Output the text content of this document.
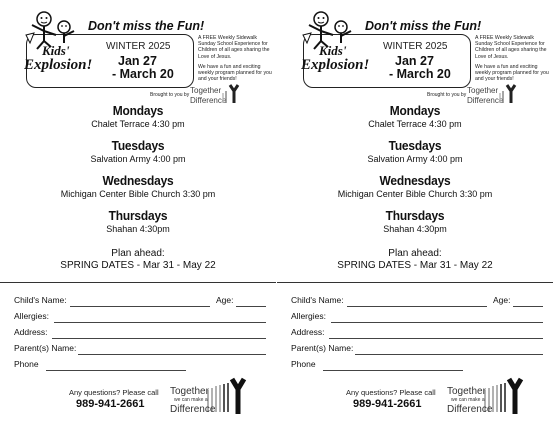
Don't miss the Fun!
Kids'
Explosion!
WINTER 2025
Jan 27
- March 20

A FREE Weekly Sidewalk Sunday School Experience for Children of all ages sharing the Love of Jesus.

We have a fun and exciting weekly program planned for you and your friends!

Brought to you by Together
Difference
Mondays
Chalet Terrace 4:30 pm
Tuesdays
Salvation Army 4:00 pm
Wednesdays
Michigan Center Bible Church 3:30 pm
Thursdays
Shahan 4:30pm
Plan ahead:
SPRING DATES - Mar 31 - May 22
Child's Name:	Age:
Allergies:
Address:
Parent(s) Name:
Phone
Any questions? Please call
989-941-2661
Together
we can make a
Difference
Don't miss the Fun!
Kids'
Explosion!
WINTER 2025
Jan 27
- March 20

A FREE Weekly Sidewalk Sunday School Experience for Children of all ages sharing the Love of Jesus.

We have a fun and exciting weekly program planned for you and your friends!

Brought to you by Together
Difference
Mondays
Chalet Terrace 4:30 pm
Tuesdays
Salvation Army 4:00 pm
Wednesdays
Michigan Center Bible Church 3:30 pm
Thursdays
Shahan 4:30pm
Plan ahead:
SPRING DATES - Mar 31 - May 22
Child's Name:	Age:
Allergies:
Address:
Parent(s) Name:
Phone
Any questions? Please call
989-941-2661
Together
we can make a
Difference
